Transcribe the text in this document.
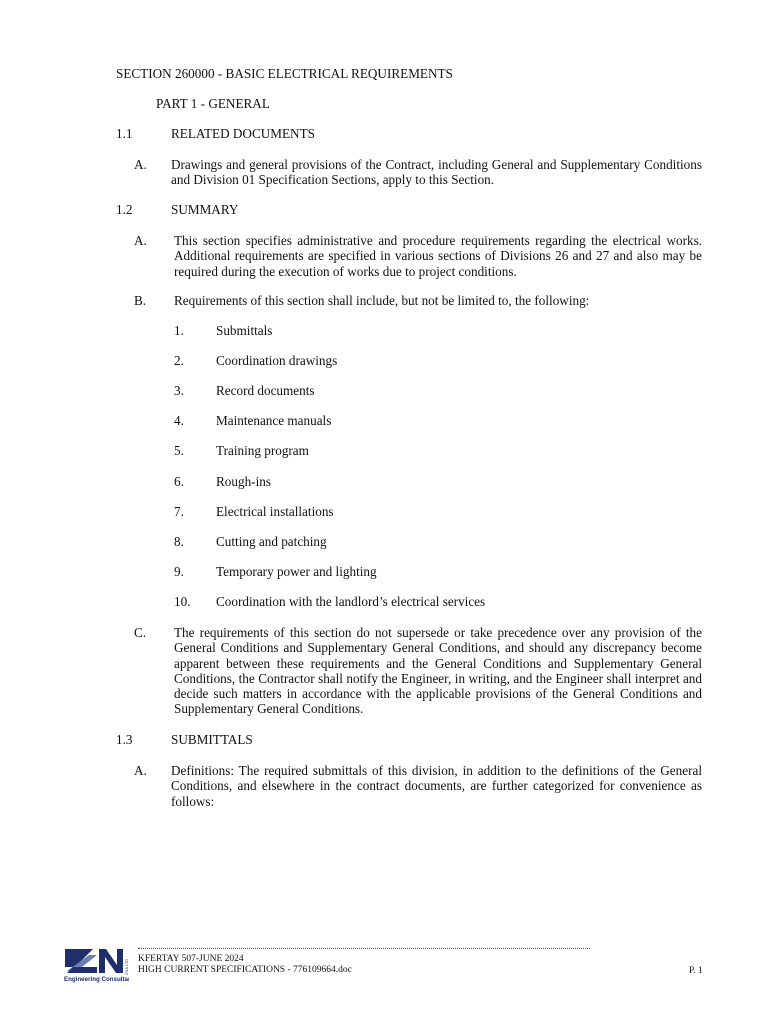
SECTION 260000 - BASIC ELECTRICAL REQUIREMENTS
PART 1 - GENERAL
1.1	RELATED DOCUMENTS
A. Drawings and general provisions of the Contract, including General and Supplementary Conditions and Division 01 Specification Sections, apply to this Section.
1.2	SUMMARY
A. This section specifies administrative and procedure requirements regarding the electrical works. Additional requirements are specified in various sections of Divisions 26 and 27 and also may be required during the execution of works due to project conditions.
B. Requirements of this section shall include, but not be limited to, the following:
1. Submittals
2. Coordination drawings
3. Record documents
4. Maintenance manuals
5. Training program
6. Rough-ins
7. Electrical installations
8. Cutting and patching
9. Temporary power and lighting
10. Coordination with the landlord’s electrical services
C. The requirements of this section do not supersede or take precedence over any provision of the General Conditions and Supplementary General Conditions, and should any discrepancy become apparent between these requirements and the General Conditions and Supplementary General Conditions, the Contractor shall notify the Engineer, in writing, and the Engineer shall interpret and decide such matters in accordance with the applicable provisions of the General Conditions and Supplementary General Conditions.
1.3	SUBMITTALS
A. Definitions: The required submittals of this division, in addition to the definitions of the General Conditions, and elsewhere in the contract documents, are further categorized for convenience as follows:
Engineering Consultant
ZNA LTD KFERTAY 507-JUNE 2024
HIGH CURRENT SPECIFICATIONS - 776109664.doc	P. 1
